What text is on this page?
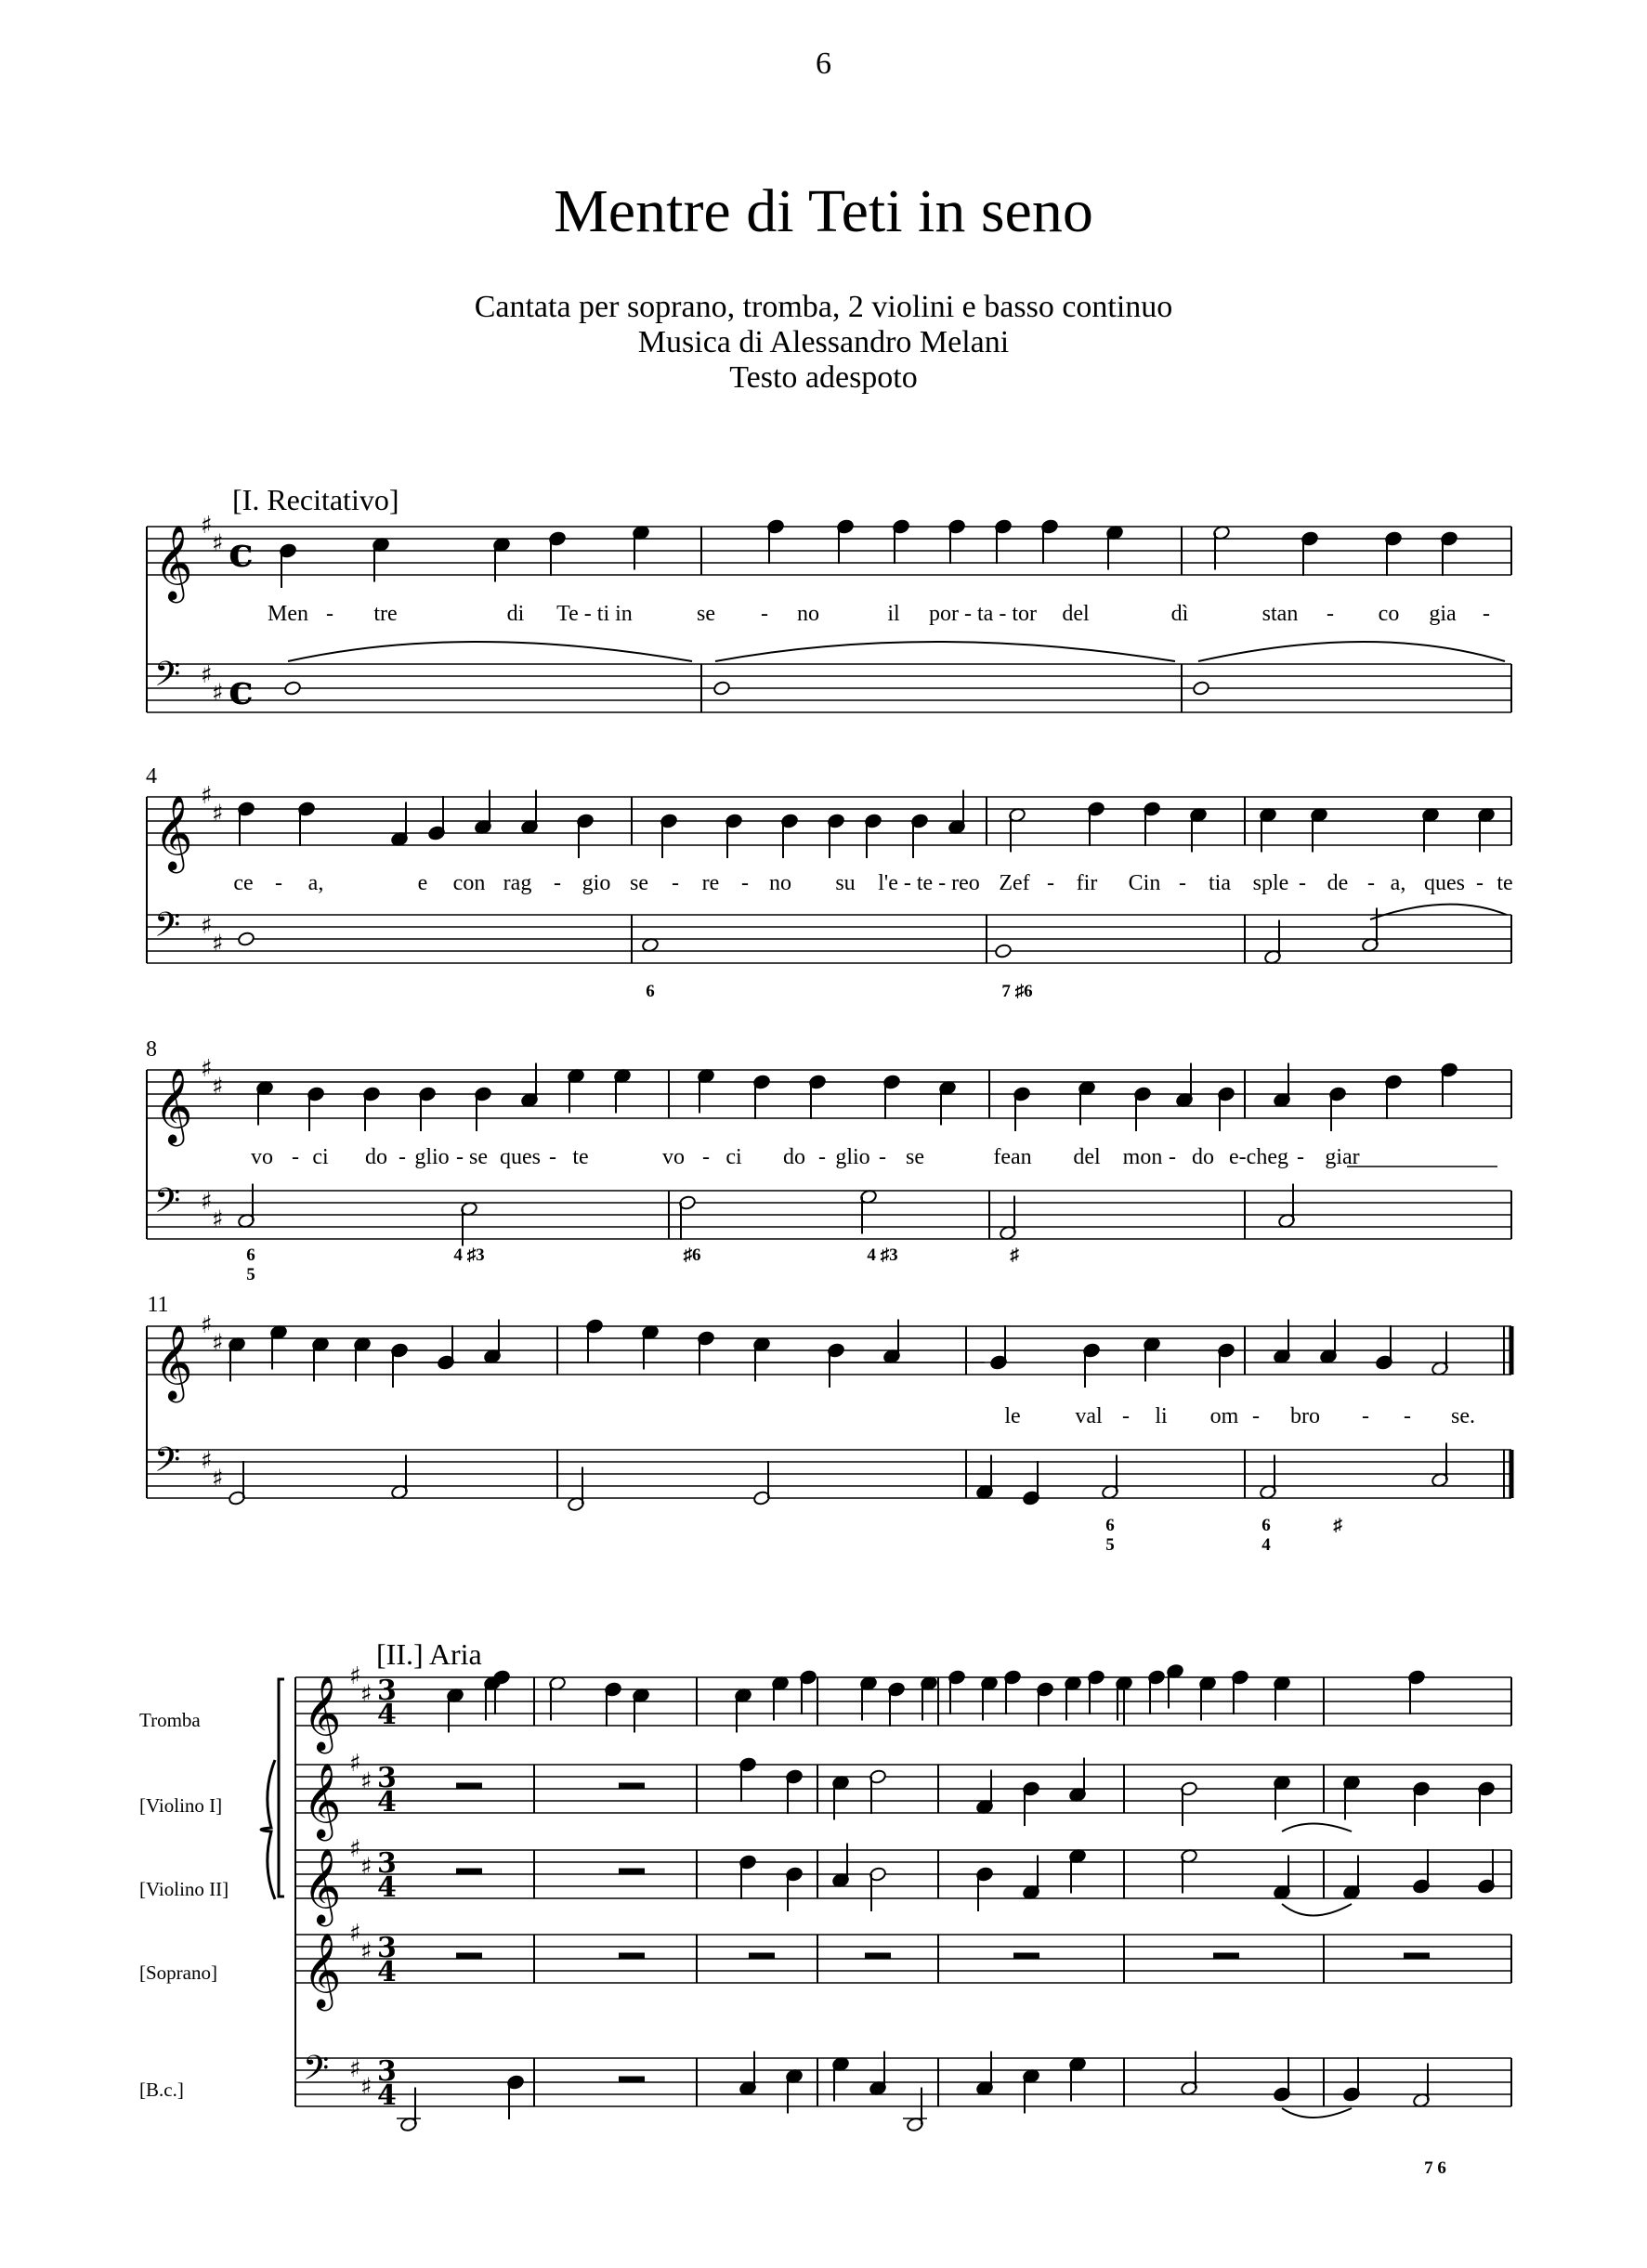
6
Mentre di Teti in seno
Cantata per soprano, tromba, 2 violini e basso continuo
Musica di Alessandro Melani
Testo adespoto
[I. Recitativo]
[II.] Aria
Tromba
[Violino I]
[Violino II]
[Soprano]
[B.c.]
𝄞 ♯
♯ c
𝄢 ♯
♯ c
𝄞 ♯
♯
𝄢 ♯
♯
𝄞 ♯
♯
𝄢 ♯
♯
𝄞 ♯
♯
𝄢 ♯
♯
𝄞 ♯
♯ 3
4
𝄞 ♯
♯ 3
4
𝄞 ♯
♯ 3
4
𝄞 ♯
♯ 3
4
𝄢 ♯
♯ 3
4
4
8
11
Men - tre	di Te - ti in	se - no	il por - ta - tor del	dì	stan - co gia -
ce - a,	e con rag - gio se - re - no su l'e - te - reo Zef - fir Cin - tia sple - de - a, ques - te
vo - ci do - glio - se ques - te	vo - ci do - glio - se	fean del mon - do e-cheg - giar
le val - li om - bro - - se.
6	7 ♯6
6
5
4 ♯3	♯6	4 ♯3	♯
6
5
6
4
♯
7 6
